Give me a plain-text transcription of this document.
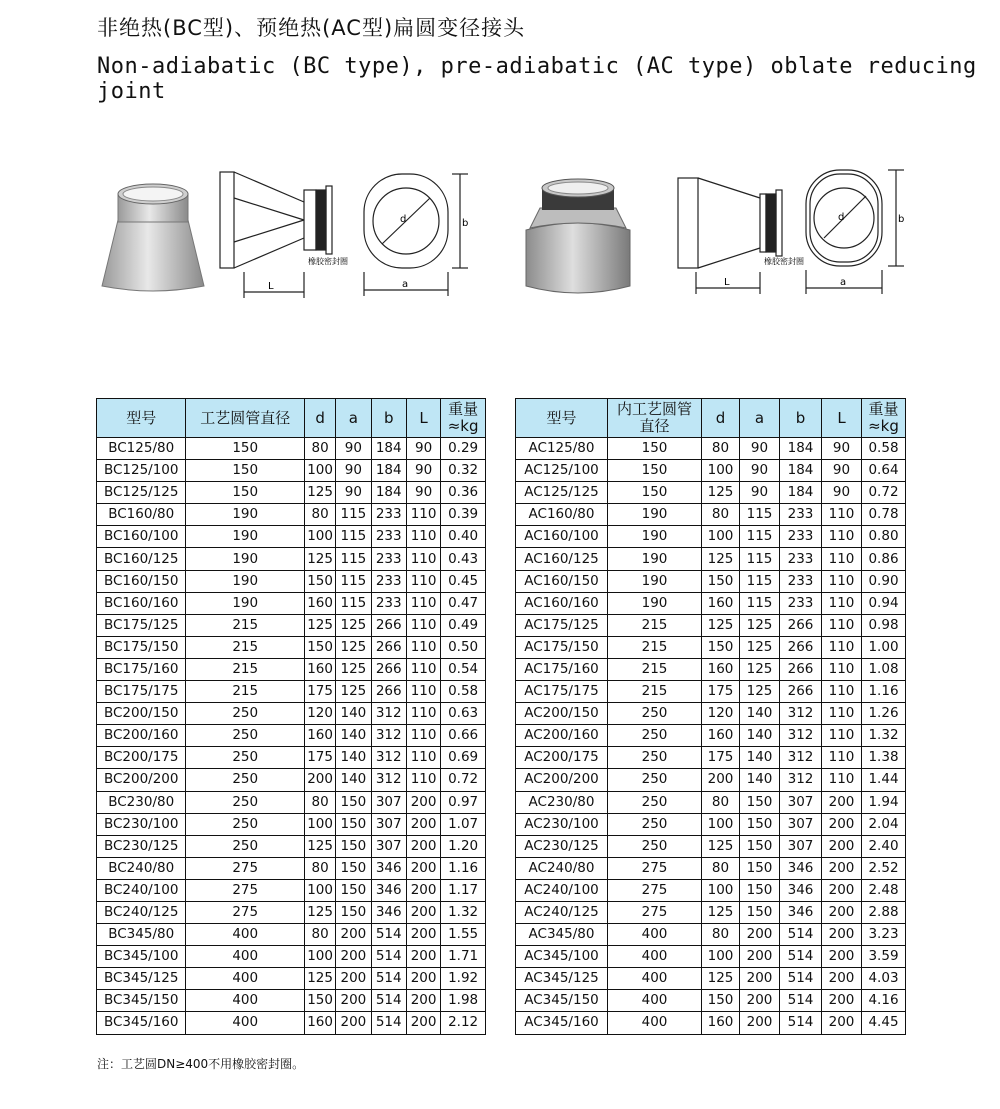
非绝热(BC型)、预绝热(AC型)扁圆变径接头
Non-adiabatic (BC type), pre-adiabatic (AC type) oblate reducing joint
L
橡胶密封圈
d	b
a	L
橡胶密封圈
d	b
a
型号	工艺圆管直径	d	a	b	L	重量≈kg
BC125/80	150	80	90	184	90	0.29
BC125/100	150	100	90	184	90	0.32
BC125/125	150	125	90	184	90	0.36
BC160/80	190	80	115	233	110	0.39
BC160/100	190	100	115	233	110	0.40
BC160/125	190	125	115	233	110	0.43
BC160/150	190	150	115	233	110	0.45
BC160/160	190	160	115	233	110	0.47
BC175/125	215	125	125	266	110	0.49
BC175/150	215	150	125	266	110	0.50
BC175/160	215	160	125	266	110	0.54
BC175/175	215	175	125	266	110	0.58
BC200/150	250	120	140	312	110	0.63
BC200/160	250	160	140	312	110	0.66
BC200/175	250	175	140	312	110	0.69
BC200/200	250	200	140	312	110	0.72
BC230/80	250	80	150	307	200	0.97
BC230/100	250	100	150	307	200	1.07
BC230/125	250	125	150	307	200	1.20
BC240/80	275	80	150	346	200	1.16
BC240/100	275	100	150	346	200	1.17
BC240/125	275	125	150	346	200	1.32
BC345/80	400	80	200	514	200	1.55
BC345/100	400	100	200	514	200	1.71
BC345/125	400	125	200	514	200	1.92
BC345/150	400	150	200	514	200	1.98
BC345/160	400	160	200	514	200	2.12
型号	内工艺圆管直径	d	a	b	L	重量≈kg
AC125/80	150	80	90	184	90	0.58
AC125/100	150	100	90	184	90	0.64
AC125/125	150	125	90	184	90	0.72
AC160/80	190	80	115	233	110	0.78
AC160/100	190	100	115	233	110	0.80
AC160/125	190	125	115	233	110	0.86
AC160/150	190	150	115	233	110	0.90
AC160/160	190	160	115	233	110	0.94
AC175/125	215	125	125	266	110	0.98
AC175/150	215	150	125	266	110	1.00
AC175/160	215	160	125	266	110	1.08
AC175/175	215	175	125	266	110	1.16
AC200/150	250	120	140	312	110	1.26
AC200/160	250	160	140	312	110	1.32
AC200/175	250	175	140	312	110	1.38
AC200/200	250	200	140	312	110	1.44
AC230/80	250	80	150	307	200	1.94
AC230/100	250	100	150	307	200	2.04
AC230/125	250	125	150	307	200	2.40
AC240/80	275	80	150	346	200	2.52
AC240/100	275	100	150	346	200	2.48
AC240/125	275	125	150	346	200	2.88
AC345/80	400	80	200	514	200	3.23
AC345/100	400	100	200	514	200	3.59
AC345/125	400	125	200	514	200	4.03
AC345/150	400	150	200	514	200	4.16
AC345/160	400	160	200	514	200	4.45
注：工艺圆DN≥400不用橡胶密封圈。
